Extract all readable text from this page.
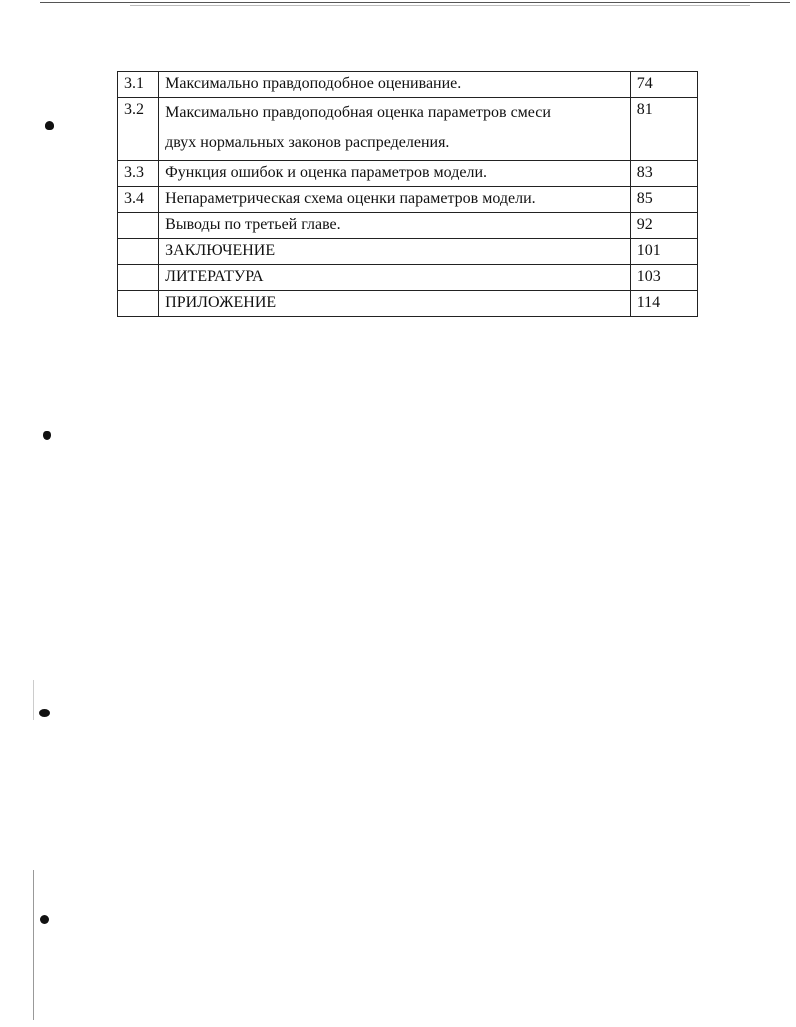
3.1	Максимально правдоподобное оценивание.	74
3.2	Максимально правдоподобная оценка параметров смеси
двух нормальных законов распределения.	81
3.3	Функция ошибок и оценка параметров модели.	83
3.4	Непараметрическая схема оценки параметров модели.	85
	Выводы по третьей главе.	92
	ЗАКЛЮЧЕНИЕ	101
	ЛИТЕРАТУРА	103
	ПРИЛОЖЕНИЕ	114
